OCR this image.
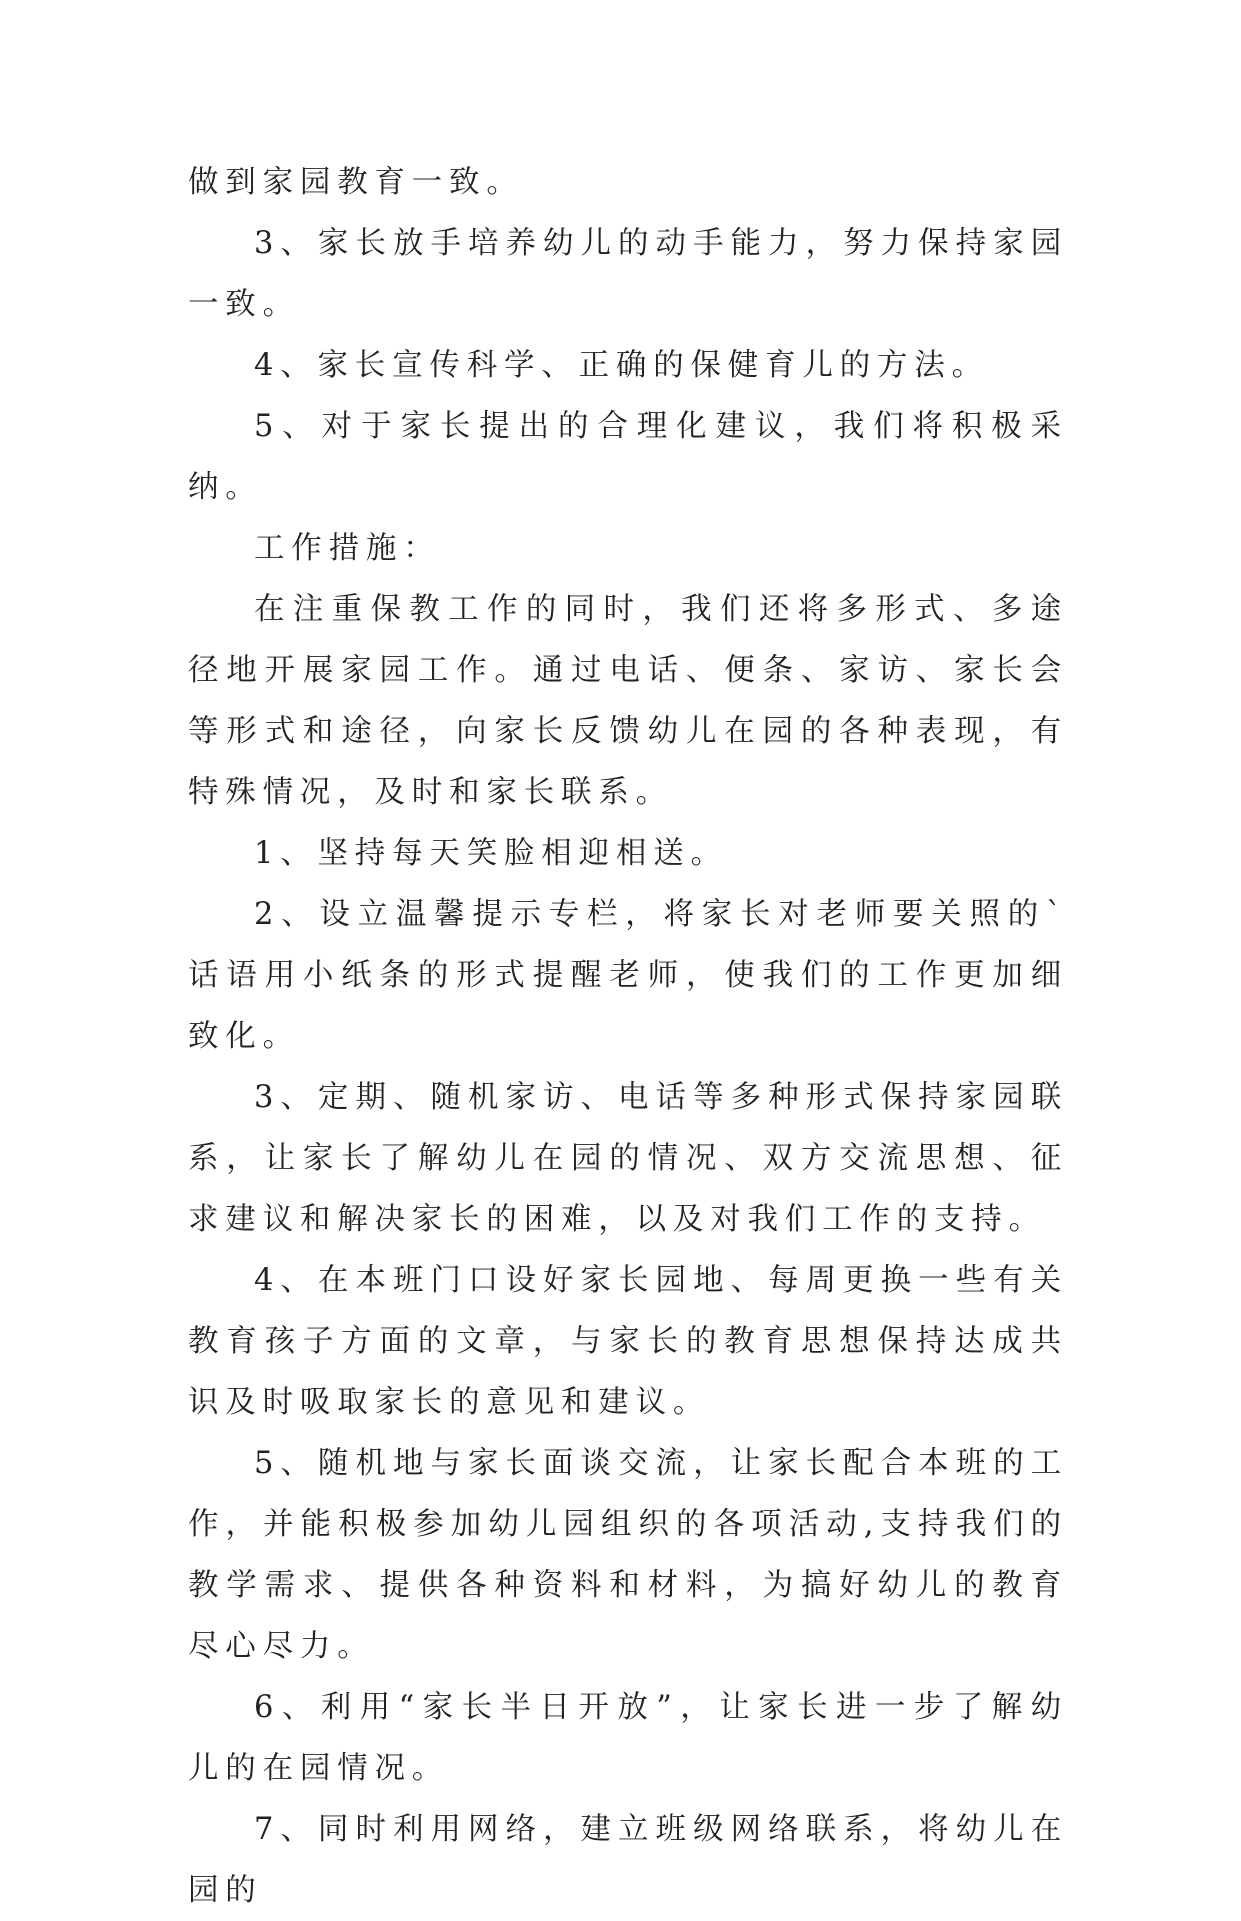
做到家园教育一致。

3、家长放手培养幼儿的动手能力，努力保持家园一致。

4、家长宣传科学、正确的保健育儿的方法。

5、对于家长提出的合理化建议，我们将积极采纳。

工作措施：

在注重保教工作的同时，我们还将多形式、多途径地开展家园工作。通过电话、便条、家访、家长会等形式和途径，向家长反馈幼儿在园的各种表现，有特殊情况，及时和家长联系。

1、坚持每天笑脸相迎相送。

2、设立温馨提示专栏，将家长对老师要关照的`话语用小纸条的形式提醒老师，使我们的工作更加细致化。

3、定期、随机家访、电话等多种形式保持家园联系，让家长了解幼儿在园的情况、双方交流思想、征求建议和解决家长的困难，以及对我们工作的支持。

4、在本班门口设好家长园地、每周更换一些有关教育孩子方面的文章，与家长的教育思想保持达成共识及时吸取家长的意见和建议。

5、随机地与家长面谈交流，让家长配合本班的工作，并能积极参加幼儿园组织的各项活动,支持我们的教学需求、提供各种资料和材料，为搞好幼儿的教育尽心尽力。

6、利用“家长半日开放”，让家长进一步了解幼儿的在园情况。

7、同时利用网络，建立班级网络联系，将幼儿在园的
